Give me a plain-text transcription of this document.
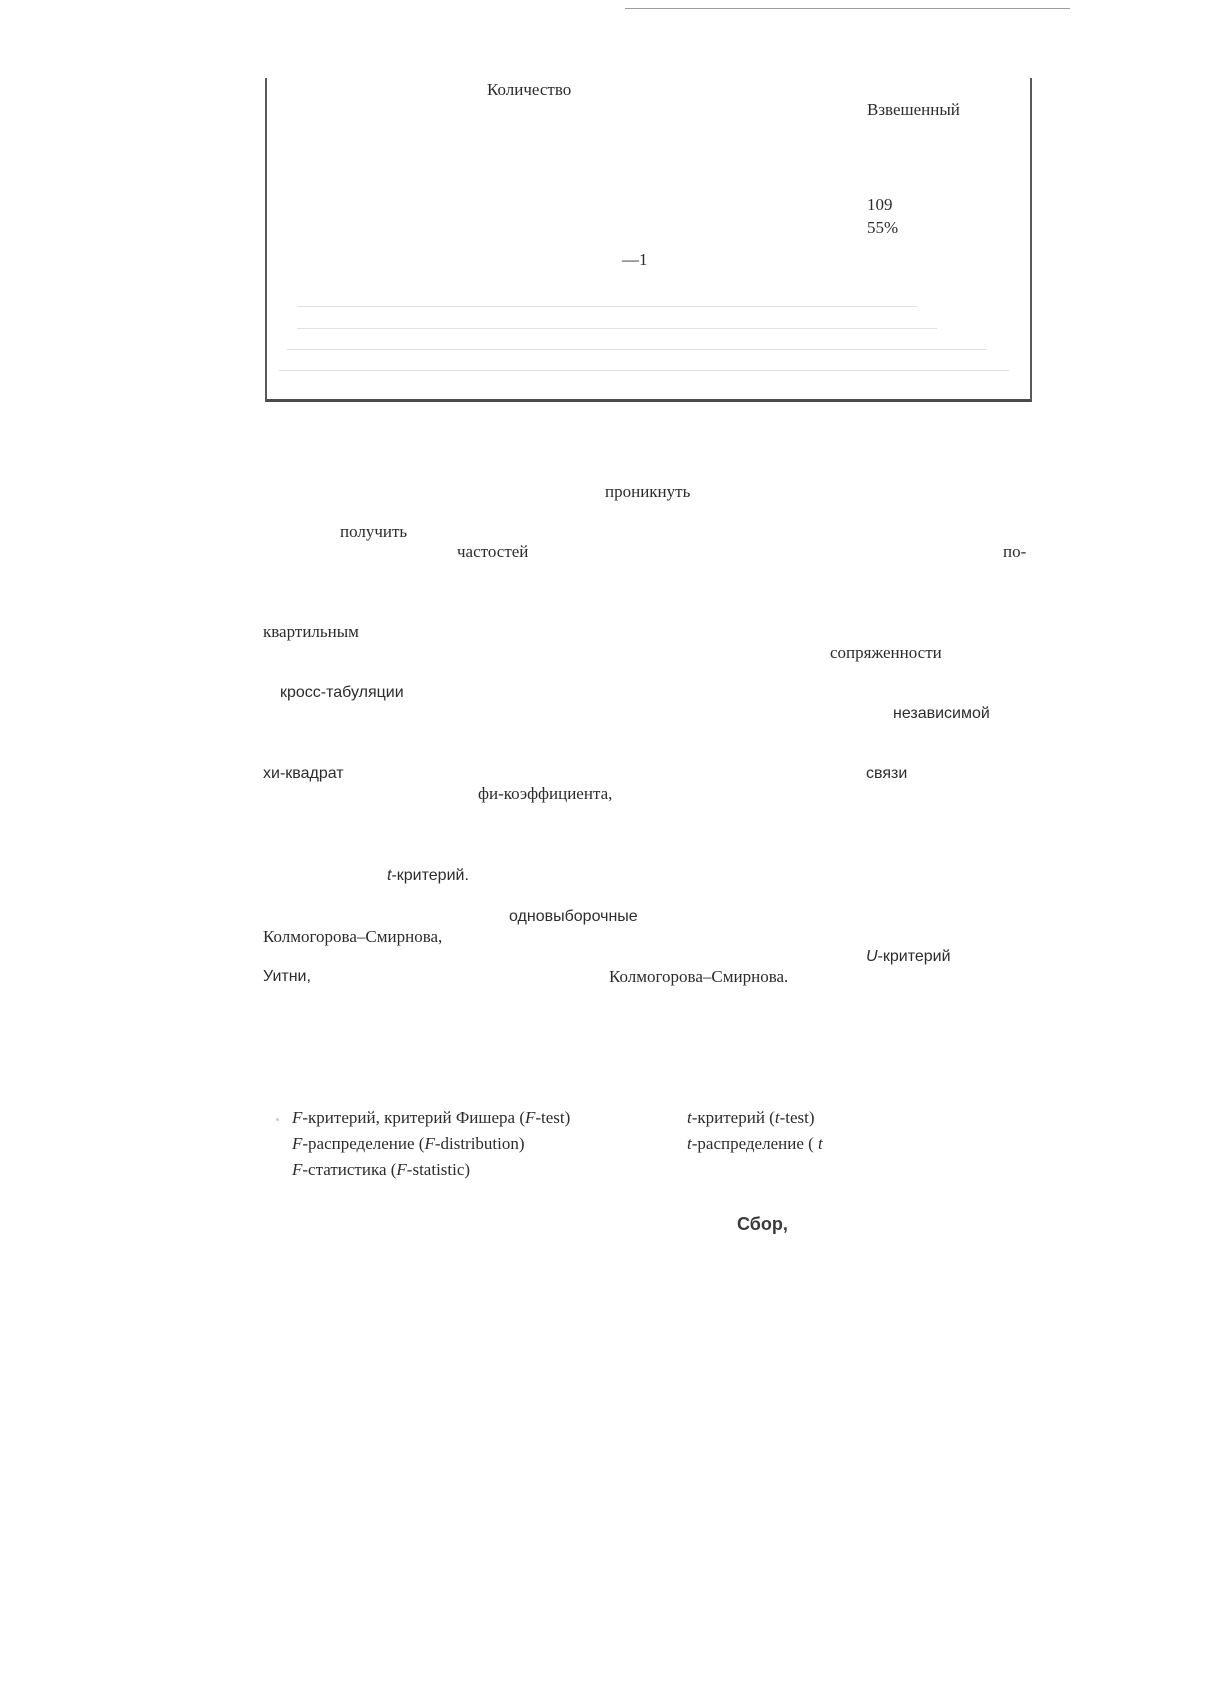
Количество
Взвешенный
109
55%
—1
проникнуть
получить
частостей	по-
квартильным
сопряженности
кросс-табуляции
независимой
хи-квадрат	связи
фи-коэффициента,
t-критерий.
одновыборочные
Колмогорова–Смирнова,
U-критерий
Уитни,	Колмогорова–Смирнова.
F-критерий, критерий Фишера (F-test)
F-распределение (F-distribution)
F-статистика (F-statistic)
t-критерий (t-test)
t-распределение ( t
Сбор,
